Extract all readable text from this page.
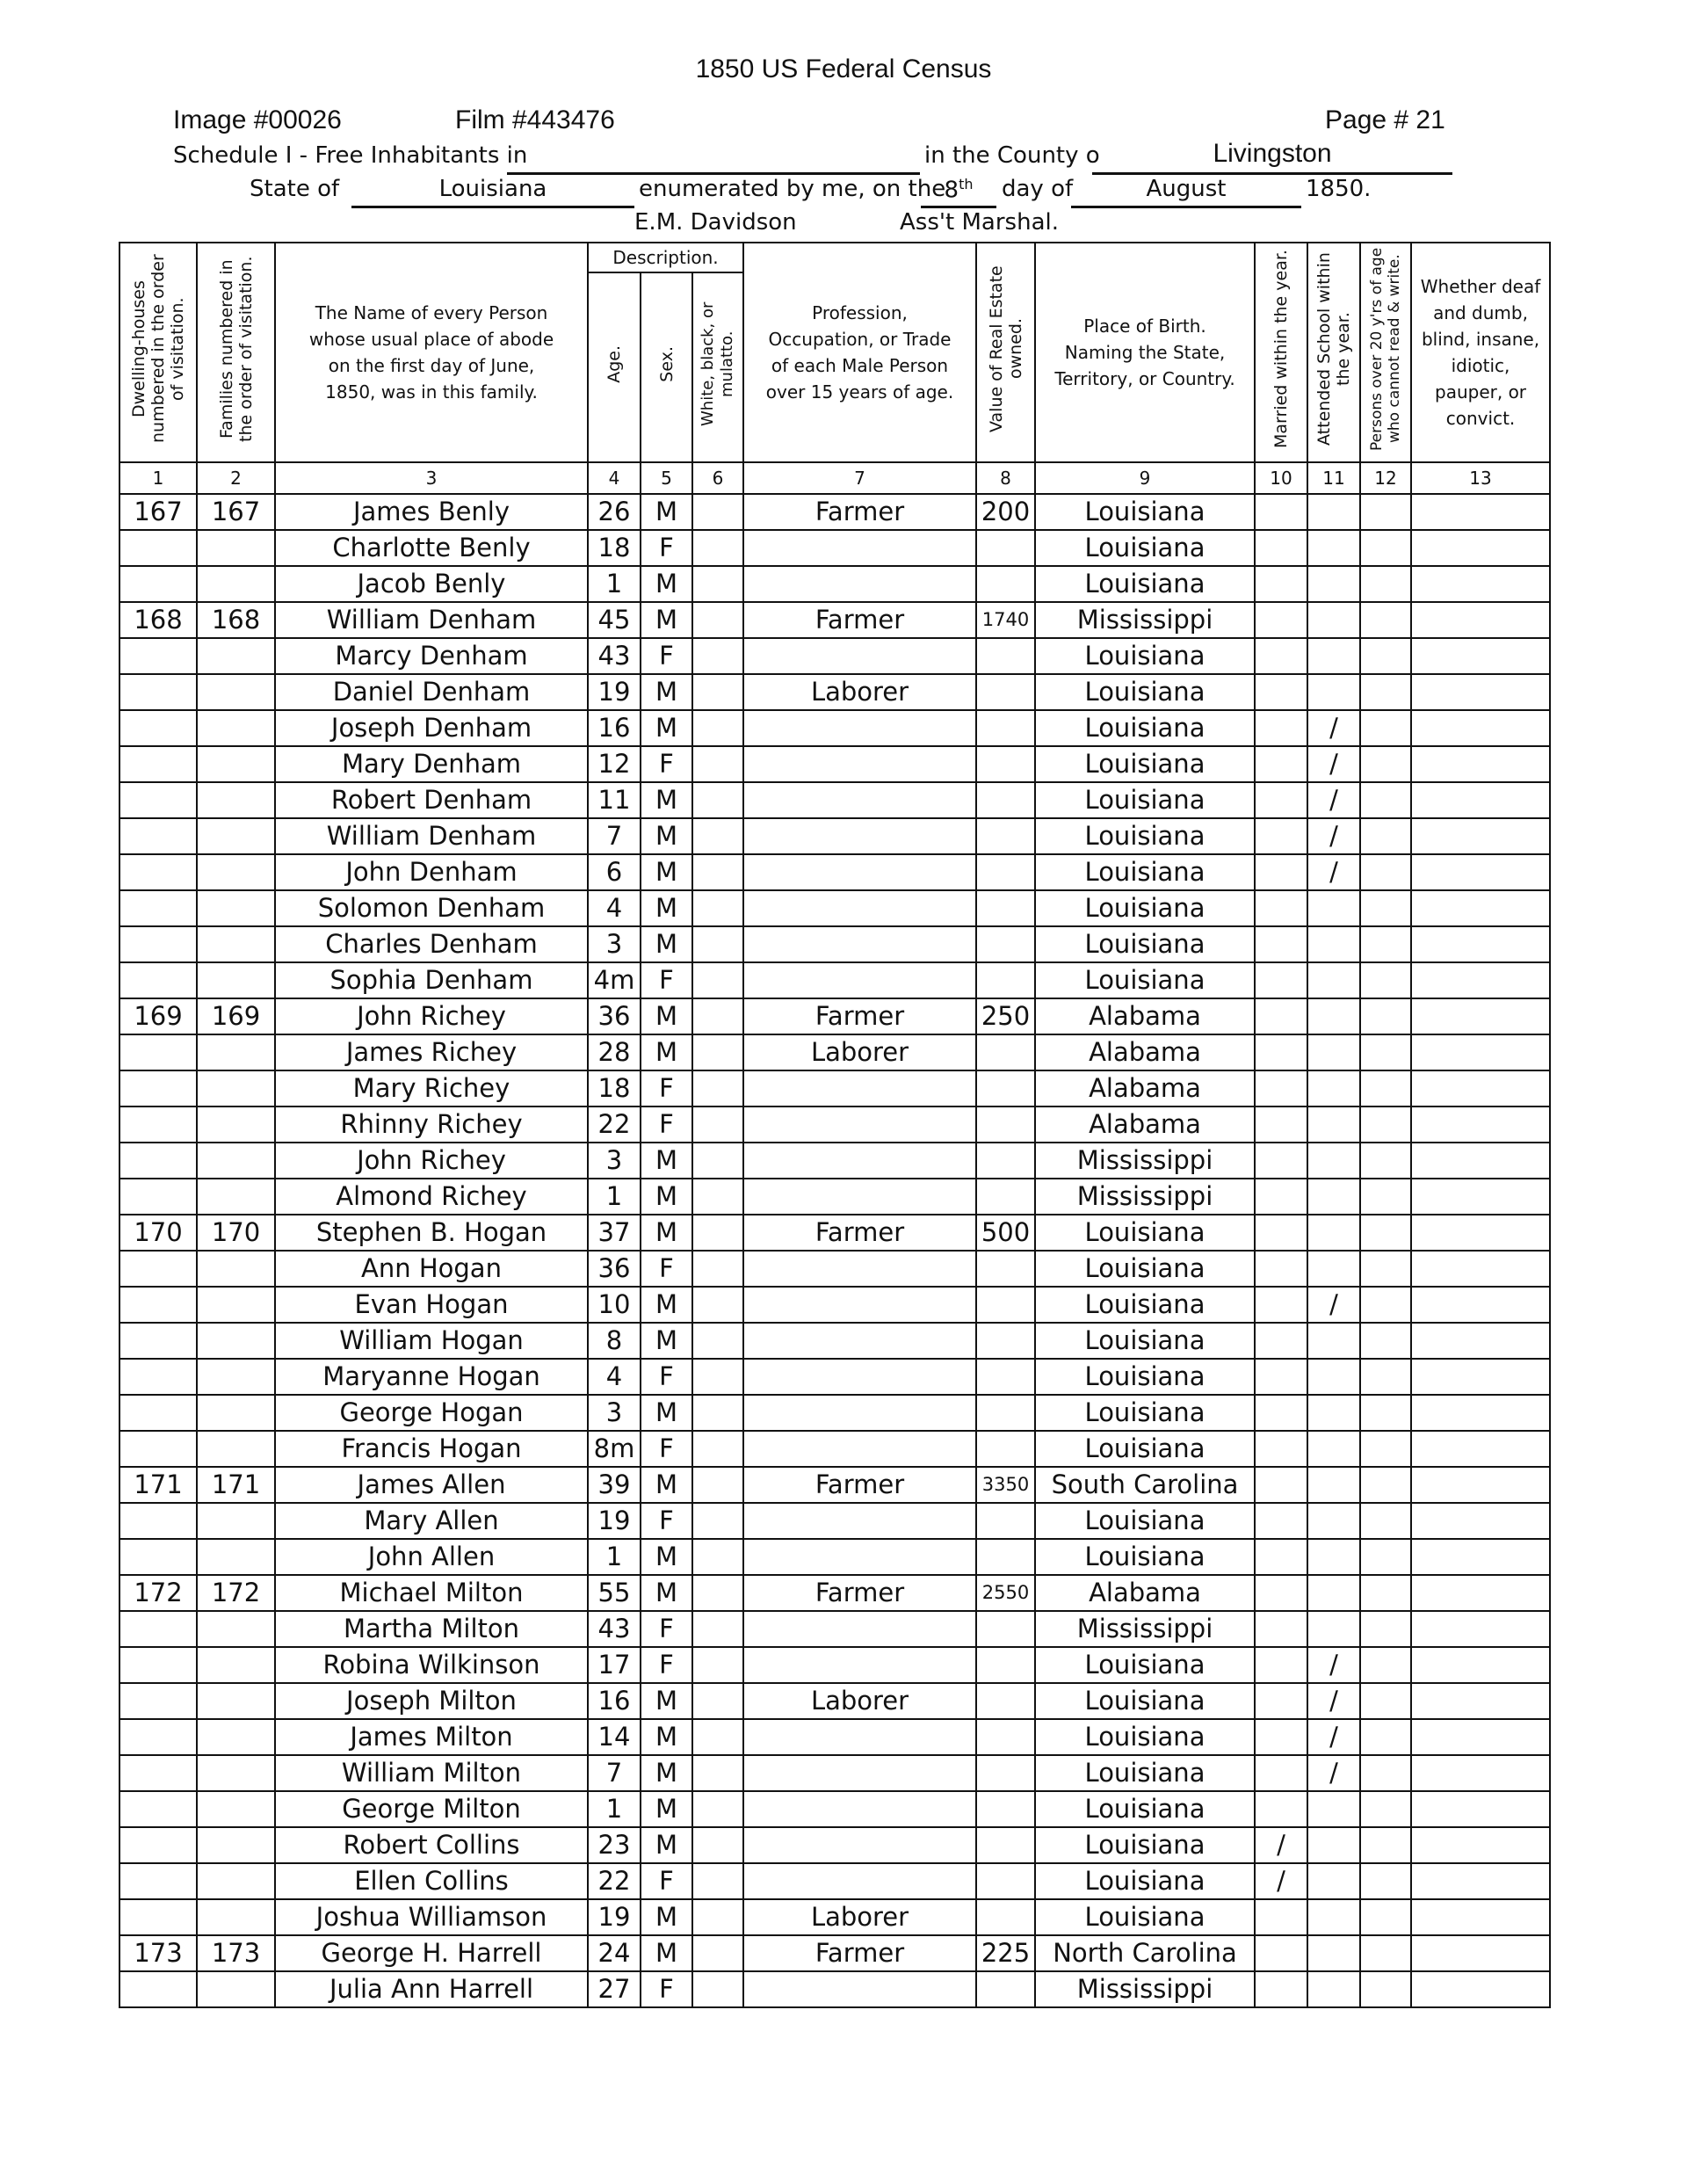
1850 US Federal Census
Image #00026	Film #443476	Page # 21
Schedule I - Free Inhabitants in	in the County o	Livingston
State of	Louisiana	enumerated by me, on the
8th	day of	August	1850.
E.M. Davidson	Ass't Marshal.
Dwelling-houses numbered in the order of visitation.	Families numbered in the order of visitation.	The Name of every Person whose usual place of abode on the first day of June, 1850, was in this family.	Description.			Profession, Occupation, or Trade of each Male Person over 15 years of age.	Value of Real Estate owned.	Place of Birth. Naming the State, Territory, or Country.	Married within the year.	Attended School within the year.	Persons over 20 y'rs of age who cannot read & write.	Whether deaf and dumb, blind, insane, idiotic, pauper, or convict.
			Age.	Sex.	White, black, or mulatto.							
1	2	3	4	5	6	7	8	9	10	11	12	13
167	167	James Benly	26	M		Farmer	200	Louisiana				
		Charlotte Benly	18	F				Louisiana				
		Jacob Benly	1	M				Louisiana				
168	168	William Denham	45	M		Farmer	1740	Mississippi				
		Marcy Denham	43	F				Louisiana				
		Daniel Denham	19	M		Laborer		Louisiana				
		Joseph Denham	16	M				Louisiana		/		
		Mary Denham	12	F				Louisiana		/		
		Robert Denham	11	M				Louisiana		/		
		William Denham	7	M				Louisiana		/		
		John Denham	6	M				Louisiana		/		
		Solomon Denham	4	M				Louisiana				
		Charles Denham	3	M				Louisiana				
		Sophia Denham	4m	F				Louisiana				
169	169	John Richey	36	M		Farmer	250	Alabama				
		James Richey	28	M		Laborer		Alabama				
		Mary Richey	18	F				Alabama				
		Rhinny Richey	22	F				Alabama				
		John Richey	3	M				Mississippi				
		Almond Richey	1	M				Mississippi				
170	170	Stephen B. Hogan	37	M		Farmer	500	Louisiana				
		Ann Hogan	36	F				Louisiana				
		Evan Hogan	10	M				Louisiana		/		
		William Hogan	8	M				Louisiana				
		Maryanne Hogan	4	F				Louisiana				
		George Hogan	3	M				Louisiana				
		Francis Hogan	8m	F				Louisiana				
171	171	James Allen	39	M		Farmer	3350	South Carolina				
		Mary Allen	19	F				Louisiana				
		John Allen	1	M				Louisiana				
172	172	Michael Milton	55	M		Farmer	2550	Alabama				
		Martha Milton	43	F				Mississippi				
		Robina Wilkinson	17	F				Louisiana		/		
		Joseph Milton	16	M		Laborer		Louisiana		/		
		James Milton	14	M				Louisiana		/		
		William Milton	7	M				Louisiana		/		
		George Milton	1	M				Louisiana				
		Robert Collins	23	M				Louisiana	/			
		Ellen Collins	22	F				Louisiana	/			
		Joshua Williamson	19	M		Laborer		Louisiana				
173	173	George H. Harrell	24	M		Farmer	225	North Carolina				
		Julia Ann Harrell	27	F				Mississippi				
